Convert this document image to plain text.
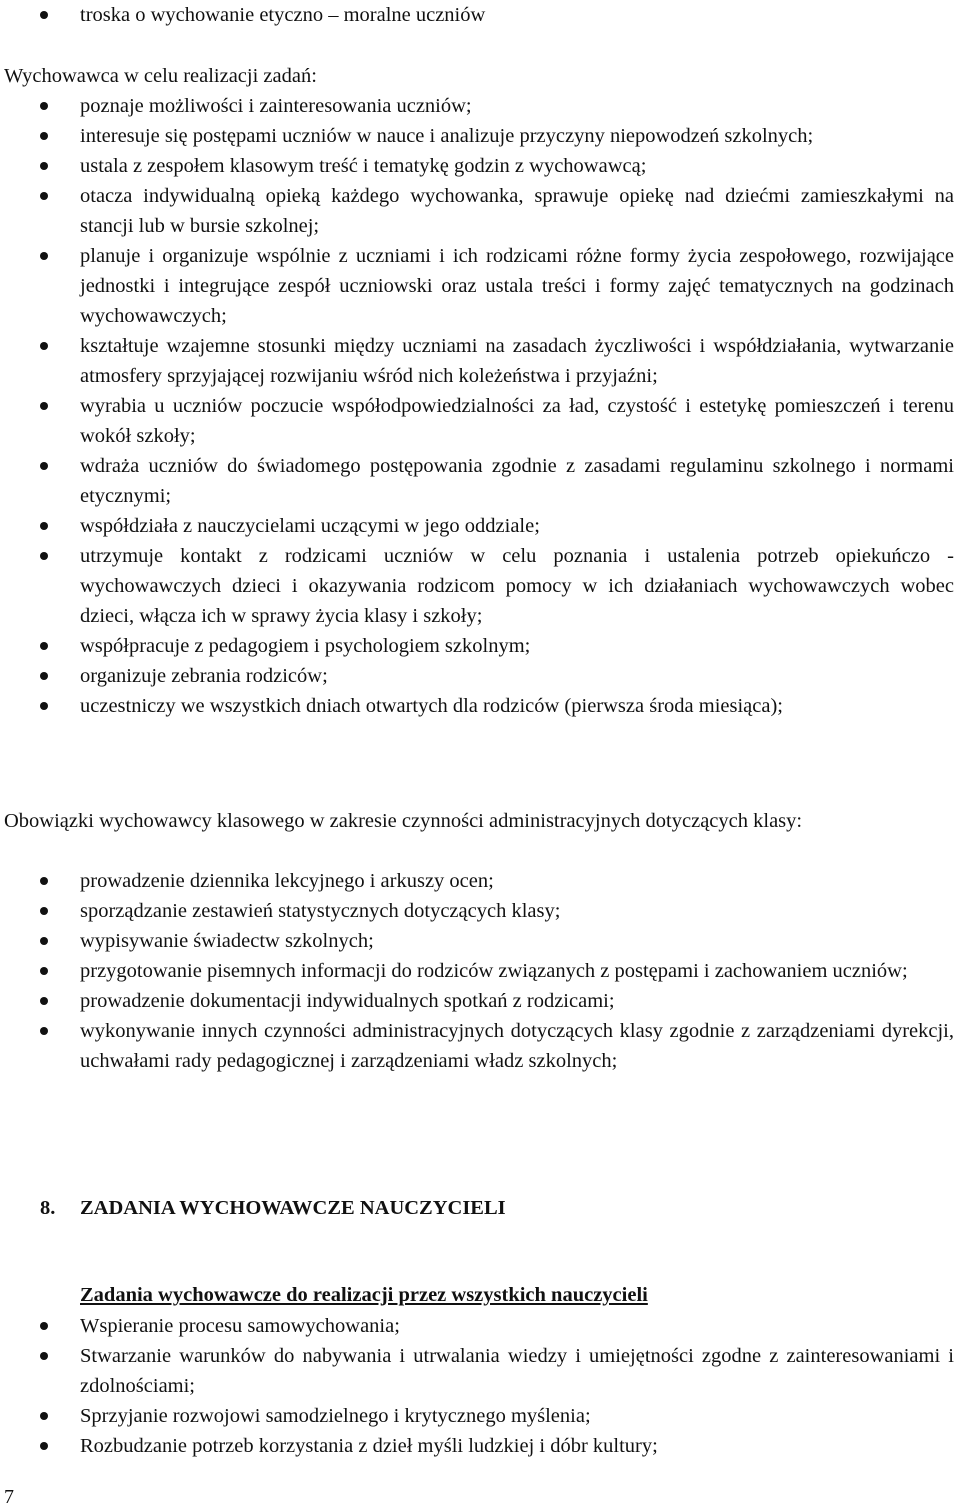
troska o wychowanie etyczno – moralne uczniów
Wychowawca w celu realizacji zadań:
poznaje możliwości i zainteresowania uczniów;
interesuje się postępami uczniów w nauce i analizuje przyczyny niepowodzeń szkolnych;
ustala z zespołem klasowym treść i tematykę godzin z wychowawcą;
otacza indywidualną opieką każdego wychowanka, sprawuje opiekę nad dziećmi zamieszkałymi na stancji lub w bursie szkolnej;
planuje i organizuje wspólnie z uczniami i ich rodzicami różne formy życia zespołowego, rozwijające jednostki i integrujące zespół uczniowski oraz ustala treści i formy zajęć tematycznych na godzinach wychowawczych;
kształtuje wzajemne stosunki między uczniami na zasadach życzliwości i współdziałania, wytwarzanie atmosfery sprzyjającej rozwijaniu wśród nich koleżeństwa i przyjaźni;
wyrabia u uczniów poczucie współodpowiedzialności za ład, czystość i estetykę pomieszczeń i terenu wokół szkoły;
wdraża uczniów do świadomego postępowania zgodnie z zasadami regulaminu szkolnego i normami etycznymi;
współdziała z nauczycielami uczącymi w jego oddziale;
utrzymuje kontakt z rodzicami uczniów w celu poznania i ustalenia potrzeb opiekuńczo - wychowawczych dzieci i okazywania rodzicom pomocy w ich działaniach wychowawczych wobec dzieci, włącza ich w sprawy życia klasy i szkoły;
współpracuje z pedagogiem i psychologiem szkolnym;
organizuje zebrania rodziców;
uczestniczy we wszystkich dniach otwartych dla rodziców (pierwsza środa miesiąca);
Obowiązki wychowawcy klasowego w zakresie czynności administracyjnych dotyczących klasy:
prowadzenie dziennika lekcyjnego i arkuszy ocen;
sporządzanie zestawień statystycznych dotyczących klasy;
wypisywanie świadectw szkolnych;
przygotowanie pisemnych informacji do rodziców związanych z postępami i zachowaniem uczniów;
prowadzenie dokumentacji indywidualnych spotkań z rodzicami;
wykonywanie innych czynności administracyjnych dotyczących klasy zgodnie z zarządzeniami dyrekcji, uchwałami rady pedagogicznej i zarządzeniami władz szkolnych;
8. ZADANIA WYCHOWAWCZE NAUCZYCIELI
Zadania wychowawcze do realizacji przez wszystkich nauczycieli
Wspieranie procesu samowychowania;
Stwarzanie warunków do nabywania i utrwalania wiedzy i umiejętności zgodne z zainteresowaniami i zdolnościami;
Sprzyjanie rozwojowi samodzielnego i krytycznego myślenia;
Rozbudzanie potrzeb korzystania z dzieł myśli ludzkiej i dóbr kultury;
7
